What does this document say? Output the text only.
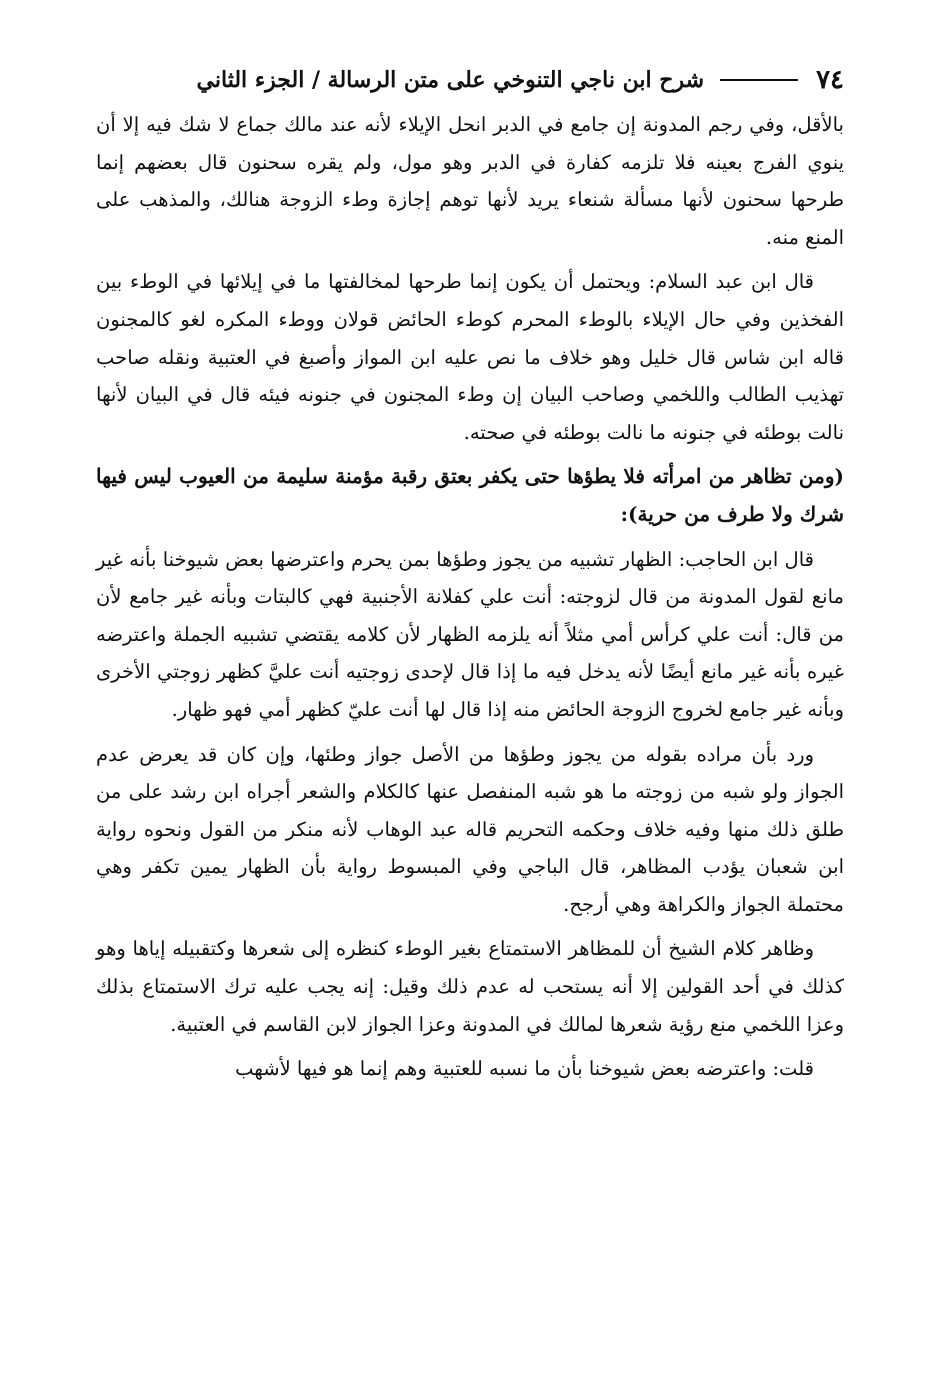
٧٤
شرح ابن ناجي التنوخي على متن الرسالة / الجزء الثاني

بالأقل، وفي رجم المدونة إن جامع في الدبر انحل الإيلاء لأنه عند مالك جماع لا شك فيه إلا أن ينوي الفرج بعينه فلا تلزمه كفارة في الدبر وهو مول، ولم يقره سحنون قال بعضهم إنما طرحها سحنون لأنها مسألة شنعاء يريد لأنها توهم إجازة وطء الزوجة هنالك، والمذهب على المنع منه.

قال ابن عبد السلام: ويحتمل أن يكون إنما طرحها لمخالفتها ما في إيلائها في الوطء بين الفخذين وفي حال الإيلاء بالوطء المحرم كوطء الحائض قولان ووطء المكره لغو كالمجنون قاله ابن شاس قال خليل وهو خلاف ما نص عليه ابن المواز وأصبغ في العتبية ونقله صاحب تهذيب الطالب واللخمي وصاحب البيان إن وطء المجنون في جنونه فيئه قال في البيان لأنها نالت بوطئه في جنونه ما نالت بوطئه في صحته.

(ومن تظاهر من امرأته فلا يطؤها حتى يكفر بعتق رقبة مؤمنة سليمة من العيوب ليس فيها شرك ولا طرف من حرية):

قال ابن الحاجب: الظهار تشبيه من يجوز وطؤها بمن يحرم واعترضها بعض شيوخنا بأنه غير مانع لقول المدونة من قال لزوجته: أنت علي كفلانة الأجنبية فهي كالبتات وبأنه غير جامع لأن من قال: أنت علي كرأس أمي مثلاً أنه يلزمه الظهار لأن كلامه يقتضي تشبيه الجملة واعترضه غيره بأنه غير مانع أيضًا لأنه يدخل فيه ما إذا قال لإحدى زوجتيه أنت عليَّ كظهر زوجتي الأخرى وبأنه غير جامع لخروج الزوجة الحائض منه إذا قال لها أنت عليّ كظهر أمي فهو ظهار.

ورد بأن مراده بقوله من يجوز وطؤها من الأصل جواز وطئها، وإن كان قد يعرض عدم الجواز ولو شبه من زوجته ما هو شبه المنفصل عنها كالكلام والشعر أجراه ابن رشد على من طلق ذلك منها وفيه خلاف وحكمه التحريم قاله عبد الوهاب لأنه منكر من القول ونحوه رواية ابن شعبان يؤدب المظاهر، قال الباجي وفي المبسوط رواية بأن الظهار يمين تكفر وهي محتملة الجواز والكراهة وهي أرجح.

وظاهر كلام الشيخ أن للمظاهر الاستمتاع بغير الوطء كنظره إلى شعرها وكتقبيله إياها وهو كذلك في أحد القولين إلا أنه يستحب له عدم ذلك وقيل: إنه يجب عليه ترك الاستمتاع بذلك وعزا اللخمي منع رؤية شعرها لمالك في المدونة وعزا الجواز لابن القاسم في العتبية.

قلت: واعترضه بعض شيوخنا بأن ما نسبه للعتبية وهم إنما هو فيها لأشهب
